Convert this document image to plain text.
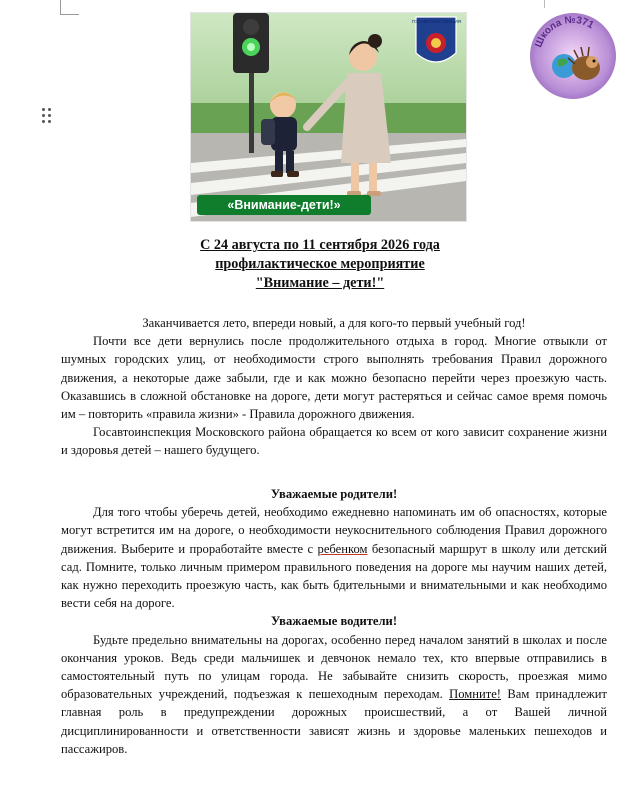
ГОСАВТОИНСПЕКЦИЯ
«Внимание-дети!»
Школа №371
С 24 августа по 11 сентября 2026 года
профилактическое мероприятие
"Внимание – дети!"

Заканчивается лето, впереди новый, а для кого-то первый учебный год!

Почти все дети вернулись после продолжительного отдыха в город. Многие отвыкли от шумных городских улиц, от необходимости строго выполнять требования Правил дорожного движения, а некоторые даже забыли, где и как можно безопасно перейти через проезжую часть. Оказавшись в сложной обстановке на дороге, дети могут растеряться и сейчас самое время помочь им – повторить «правила жизни» - Правила дорожного движения.

Госавтоинспекция Московского района обращается ко всем от кого зависит сохранение жизни и здоровья детей – нашего будущего.

Уважаемые родители!

Для того чтобы уберечь детей, необходимо ежедневно напоминать им об опасностях, которые могут встретится им на дороге, о необходимости неукоснительного соблюдения Правил дорожного движения. Выберите и проработайте вместе с ребенком безопасный маршрут в школу или детский сад. Помните, только личным примером правильного поведения на дороге мы научим наших детей, как нужно переходить проезжую часть, как быть бдительными и внимательными и как необходимо вести себя на дороге.

Уважаемые водители!

Будьте предельно внимательны на дорогах, особенно перед началом занятий в школах и после окончания уроков. Ведь среди мальчишек и девчонок немало тех, кто впервые отправились в самостоятельный путь по улицам города. Не забывайте снизить скорость, проезжая мимо образовательных учреждений, подъезжая к пешеходным переходам. Помните! Вам принадлежит главная роль в предупреждении дорожных происшествий, а от Вашей личной дисциплинированности и ответственности зависят жизнь и здоровье маленьких пешеходов и пассажиров.
